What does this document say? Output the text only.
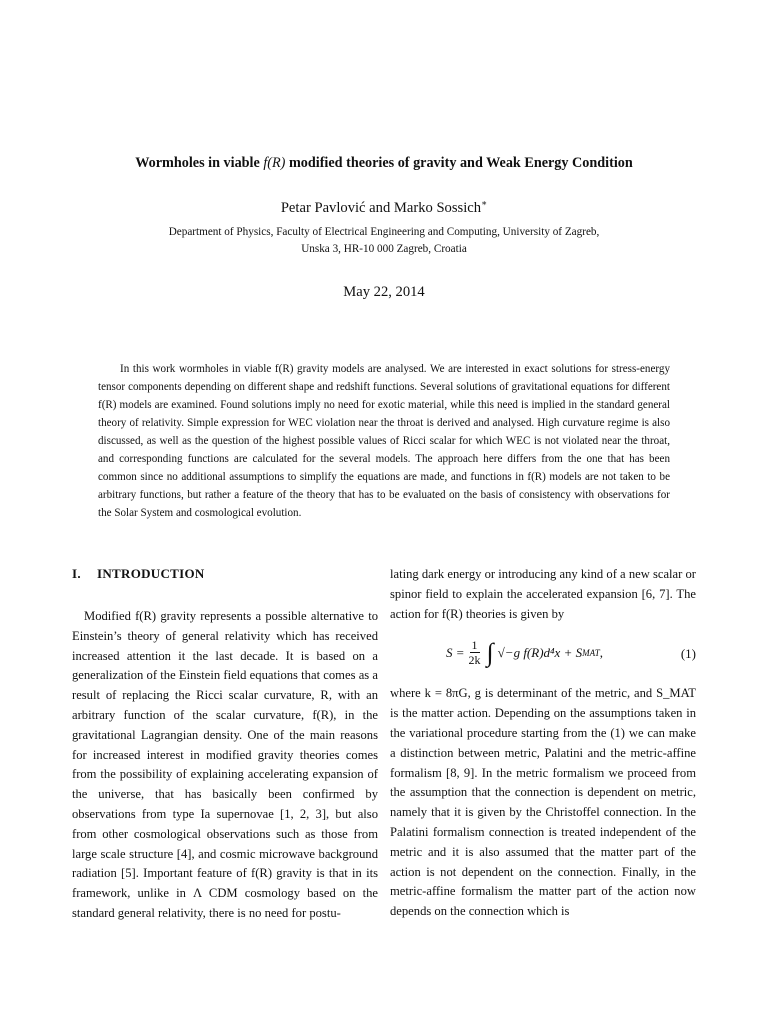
Wormholes in viable f(R) modified theories of gravity and Weak Energy Condition
Petar Pavlović and Marko Sossich∗
Department of Physics, Faculty of Electrical Engineering and Computing, University of Zagreb,
Unska 3, HR-10 000 Zagreb, Croatia
May 22, 2014

In this work wormholes in viable f(R) gravity models are analysed. We are interested in exact solutions for stress-energy tensor components depending on different shape and redshift functions. Several solutions of gravitational equations for different f(R) models are examined. Found solutions imply no need for exotic material, while this need is implied in the standard general theory of relativity. Simple expression for WEC violation near the throat is derived and analysed. High curvature regime is also discussed, as well as the question of the highest possible values of Ricci scalar for which WEC is not violated near the throat, and corresponding functions are calculated for the several models. The approach here differs from the one that has been common since no additional assumptions to simplify the equations are made, and functions in f(R) models are not taken to be arbitrary functions, but rather a feature of the theory that has to be evaluated on the basis of consistency with observations for the Solar System and cosmological evolution.

I. INTRODUCTION

Modified f(R) gravity represents a possible alternative to Einstein’s theory of general relativity which has received increased attention it the last decade. It is based on a generalization of the Einstein field equations that comes as a result of replacing the Ricci scalar curvature, R, with an arbitrary function of the scalar curvature, f(R), in the gravitational Lagrangian density. One of the main reasons for increased interest in modified gravity theories comes from the possibility of explaining accelerating expansion of the universe, that has basically been confirmed by observations from type Ia supernovae [1, 2, 3], but also from other cosmological observations such as those from large scale structure [4], and cosmic microwave background radiation [5]. Important feature of f(R) gravity is that in its framework, unlike in Λ CDM cosmology based on the standard general relativity, there is no need for postu-

lating dark energy or introducing any kind of a new scalar or spinor field to explain the accelerated expansion [6, 7]. The action for f(R) theories is given by

$S = \frac{1}{2k}$ ∫ √−g f(R)d⁴x + S MAT ,	(1)

where k = 8πG, g is determinant of the metric, and S_MAT is the matter action. Depending on the assumptions taken in the variational procedure starting from the (1) we can make a distinction between metric, Palatini and the metric-affine formalism [8, 9]. In the metric formalism we proceed from the assumption that the connection is dependent on metric, namely that it is given by the Christoffel connection. In the Palatini formalism connection is treated independent of the metric and it is also assumed that the matter part of the action is not dependent on the connection. Finally, in the metric-affine formalism the matter part of the action now depends on the connection which is
